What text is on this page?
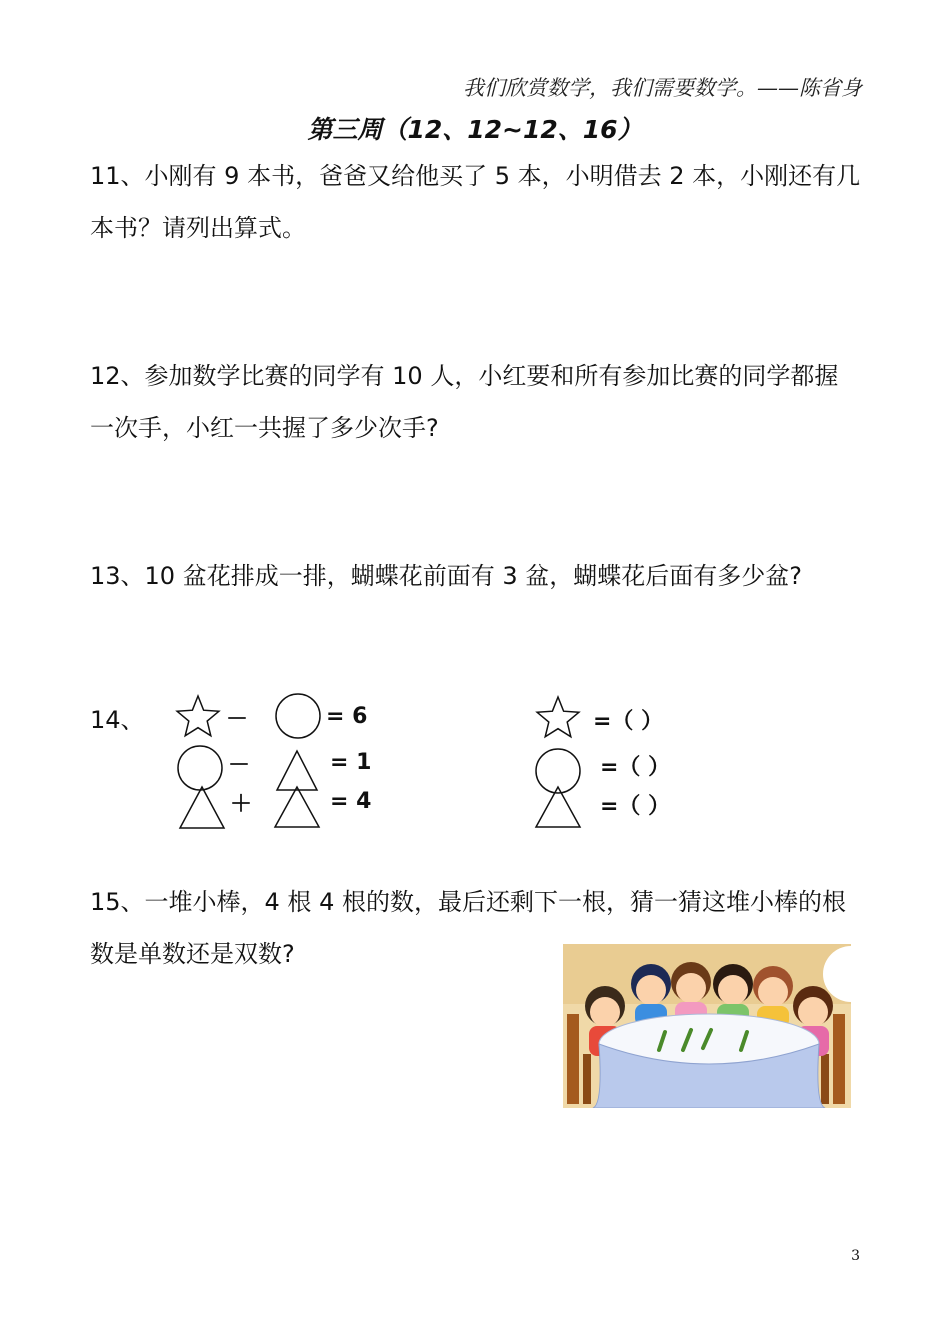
我们欣赏数学，我们需要数学。——陈省身
第三周（12、12~12、16）
11、小刚有 9 本书，爸爸又给他买了 5 本，小明借去 2 本，小刚还有几
本书？请列出算式。
12、参加数学比赛的同学有 10 人，小红要和所有参加比赛的同学都握
一次手，小红一共握了多少次手?
13、10 盆花排成一排，蝴蝶花前面有 3 盆，蝴蝶花后面有多少盆?
14、	－	= 6
－	= 1
＋	= 4
=（ ）
=（ ）
=（ ）
15、一堆小棒，4 根 4 根的数，最后还剩下一根，猜一猜这堆小棒的根
数是单数还是双数?
3
